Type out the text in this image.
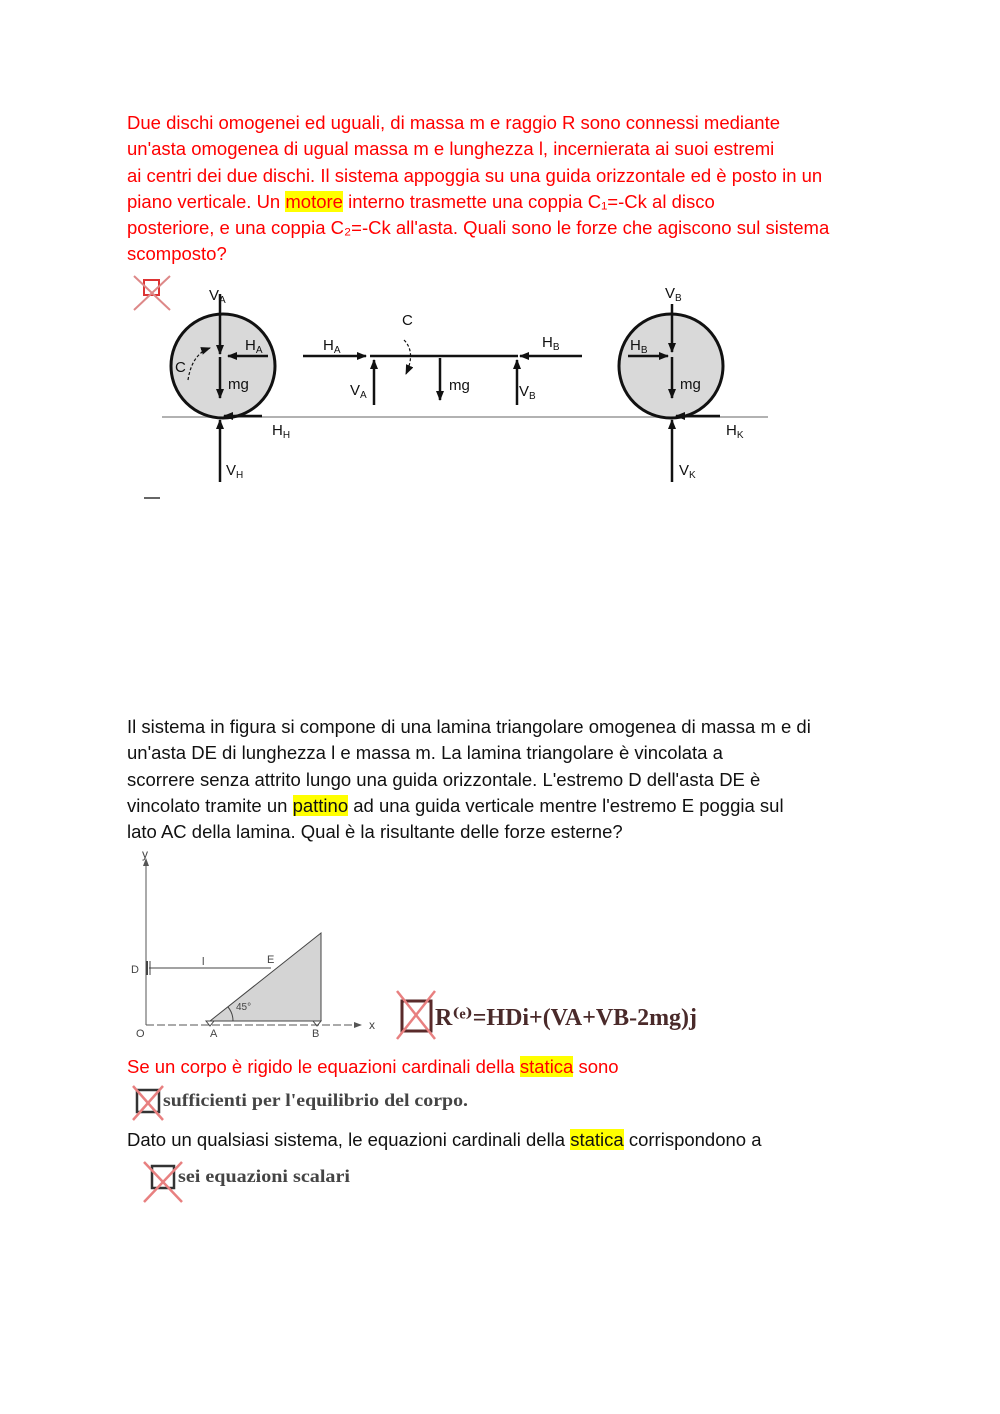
Due dischi omogenei ed uguali, di massa m e raggio R sono connessi mediante
un'asta omogenea di ugual massa m e lunghezza l, incernierata ai suoi estremi
ai centri dei due dischi. Il sistema appoggia su una guida orizzontale ed è posto in un
piano verticale. Un motore interno trasmette una coppia C₁=-Ck al disco
posteriore, e una coppia C₂=-Ck all'asta. Quali sono le forze che agiscono sul sistema
scomposto?
$V_A$
$H_A$
C
mg
$H_H$
$V_H$
$H_A$	$H_B$
C
$V_A$
mg	$V_B$
$V_B$
$H_B$
mg
$H_K$
$V_K$
Il sistema in figura si compone di una lamina triangolare omogenea di massa m e di
un'asta DE di lunghezza l e massa m. La lamina triangolare è vincolata a
scorrere senza attrito lungo una guida orizzontale. L'estremo D dell'asta DE è
vincolato tramite un pattino ad una guida verticale mentre l'estremo E poggia sul
lato AC della lamina. Qual è la risultante delle forze esterne?
y
x
D
E
l
O	A	B
45°	R⁽ᵉ⁾=HDi+(VA+VB-2mg)j
Se un corpo è rigido le equazioni cardinali della statica sono
sufficienti per l'equilibrio del corpo.
Dato un qualsiasi sistema, le equazioni cardinali della statica corrispondono a
sei equazioni scalari
